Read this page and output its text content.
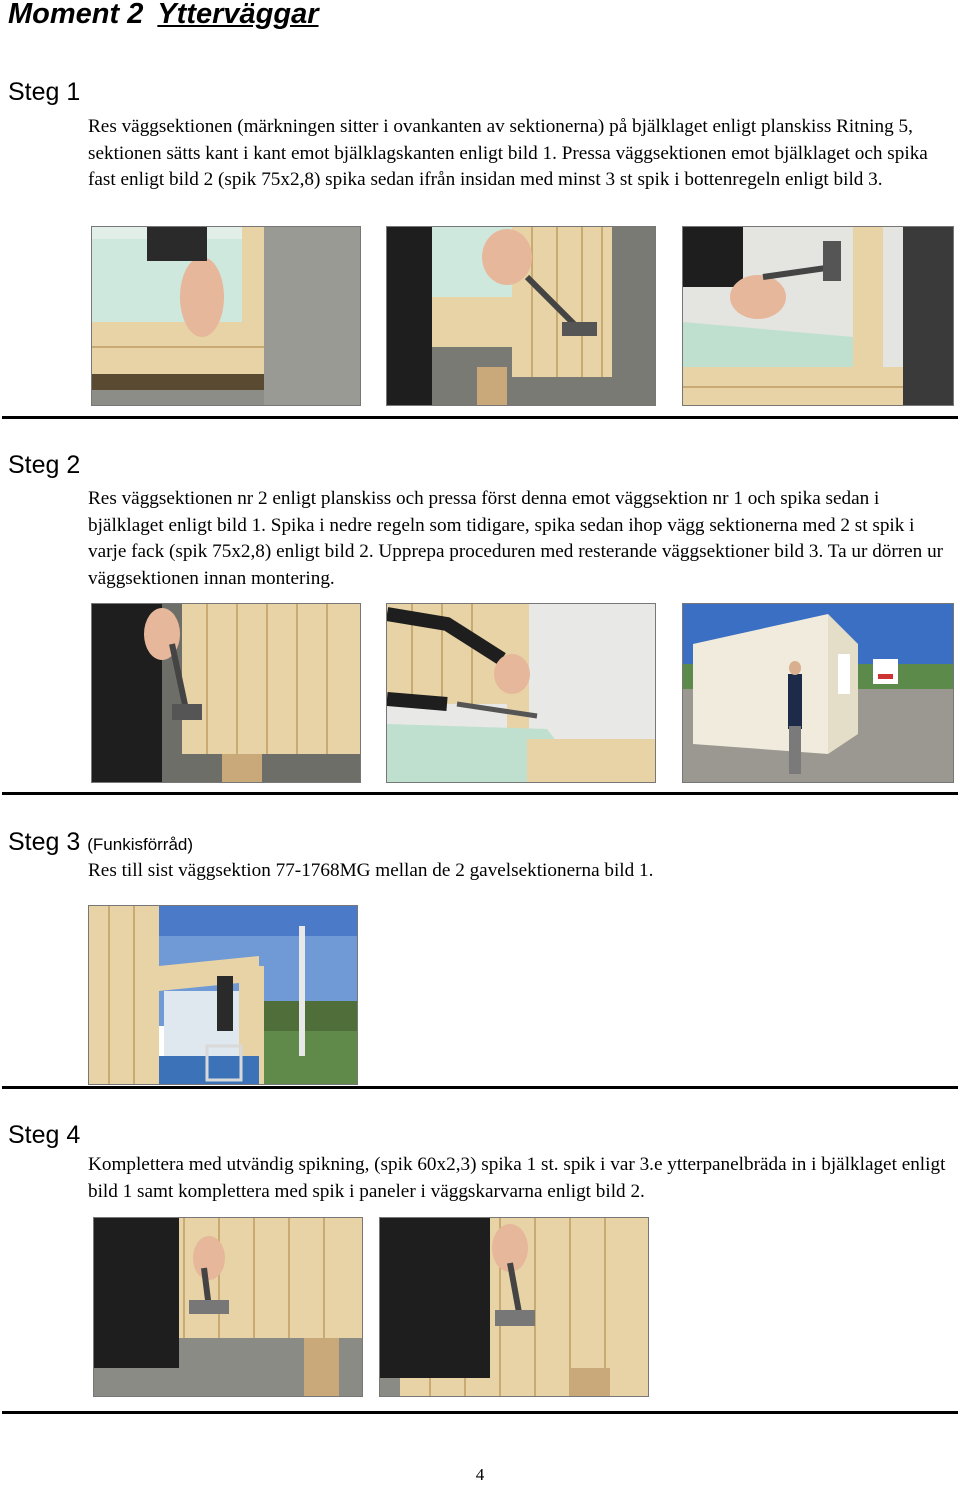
Moment 2 Ytterväggar
Steg 1
Res väggsektionen (märkningen sitter i ovankanten av sektionerna) på bjälklaget enligt planskiss Ritning 5, sektionen sätts kant i kant emot bjälklagskanten enligt bild 1. Pressa väggsektionen emot bjälklaget och spika fast enligt bild 2 (spik 75x2,8) spika sedan ifrån insidan med minst 3 st spik i bottenregeln enligt bild 3.
Steg 2
Res väggsektionen nr 2 enligt planskiss och pressa först denna emot väggsektion nr 1 och spika sedan i bjälklaget enligt bild 1. Spika i nedre regeln som tidigare, spika sedan ihop vägg sektionerna med 2 st spik i varje fack (spik 75x2,8) enligt bild 2. Upprepa proceduren med resterande väggsektioner bild 3. Ta ur dörren ur väggsektionen innan montering.
Steg 3 (Funkisförråd)
Res till sist väggsektion 77-1768MG mellan de 2 gavelsektionerna bild 1.
Steg 4
Komplettera med utvändig spikning, (spik 60x2,3) spika 1 st. spik i var 3.e ytterpanelbräda in i bjälklaget enligt bild 1 samt komplettera med spik i paneler i väggskarvarna enligt bild 2.
4
